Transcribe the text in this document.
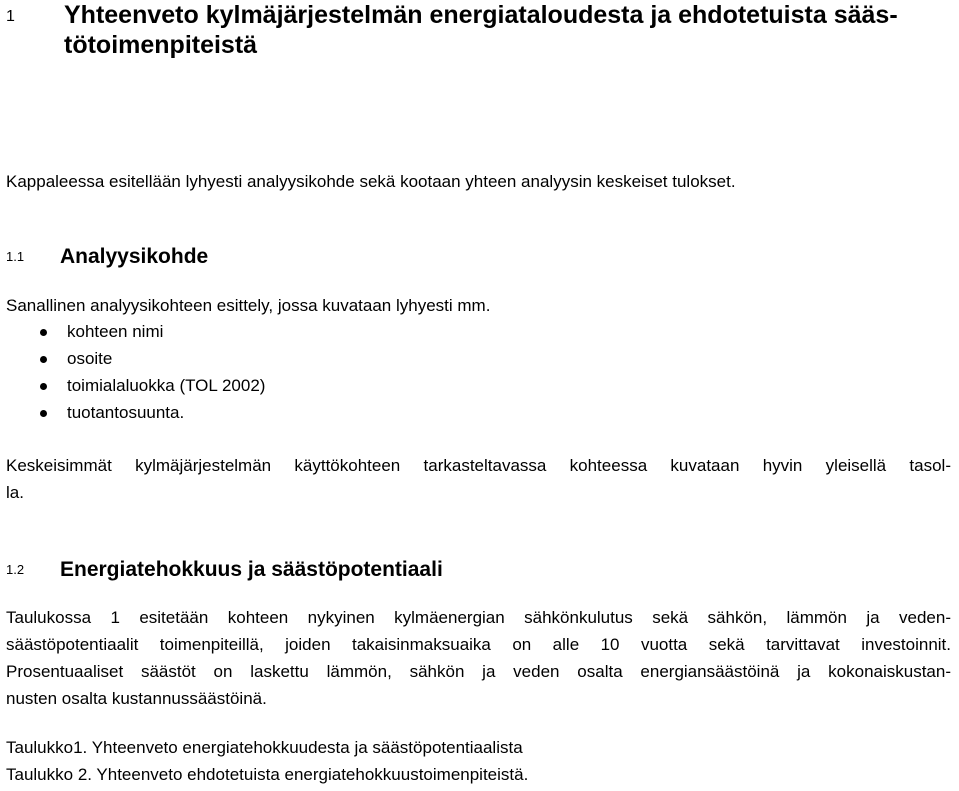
1 Yhteenveto kylmäjärjestelmän energiataloudesta ja ehdotetuista sääs-
tötoimenpiteistä
Kappaleessa esitellään lyhyesti analyysikohde sekä kootaan yhteen analyysin keskeiset tulokset.
1.1 Analyysikohde
Sanallinen analyysikohteen esittely, jossa kuvataan lyhyesti mm.
kohteen nimi
osoite
toimialaluokka (TOL 2002)
tuotantosuunta.
Keskeisimmät kylmäjärjestelmän käyttökohteen tarkasteltavassa kohteessa kuvataan hyvin yleisellä tasol-
la.
1.2 Energiatehokkuus ja säästöpotentiaali
Taulukossa 1 esitetään kohteen nykyinen kylmäenergian sähkönkulutus sekä sähkön, lämmön ja veden-
säästöpotentiaalit toimenpiteillä, joiden takaisinmaksuaika on alle 10 vuotta sekä tarvittavat investoinnit.
Prosentuaaliset säästöt on laskettu lämmön, sähkön ja veden osalta energiansäästöinä ja kokonaiskustan-
nusten osalta kustannussäästöinä.
Taulukko1. Yhteenveto energiatehokkuudesta ja säästöpotentiaalista
Taulukko 2. Yhteenveto ehdotetuista energiatehokkuustoimenpiteistä.
